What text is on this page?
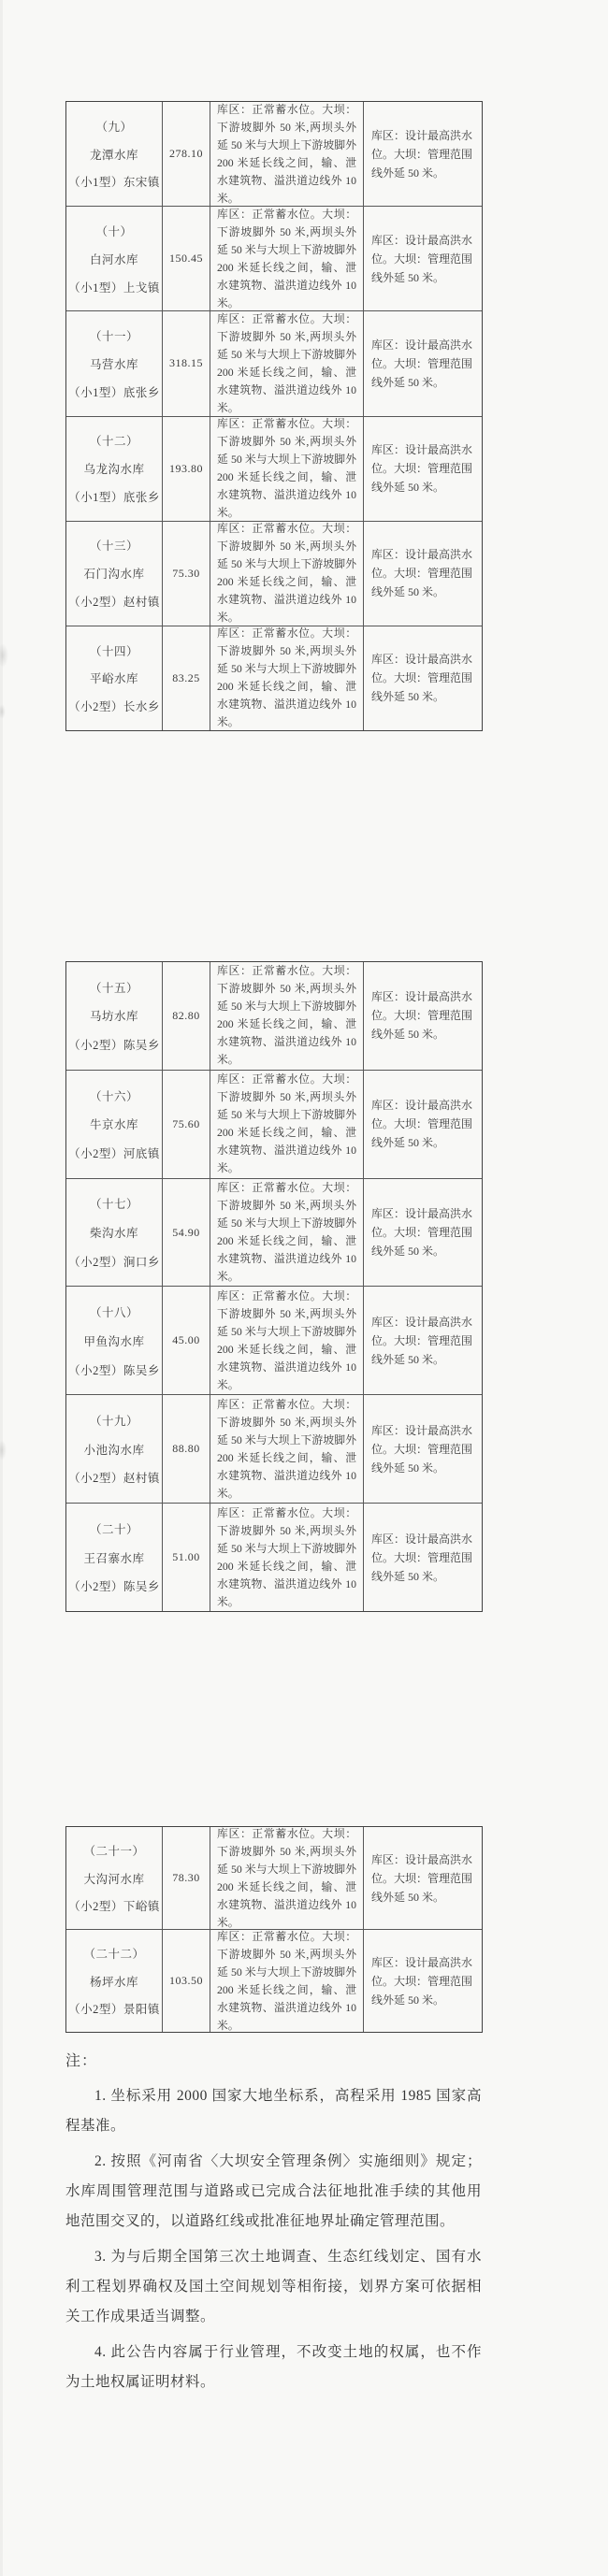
（九）
龙潭水库
（小1型）东宋镇
278.10
库区：正常蓄水位。大坝：下游坡脚外 50 米,两坝头外延 50 米与大坝上下游坡脚外 200 米延长线之间，输、泄水建筑物、溢洪道边线外 10 米。
库区：设计最高洪水位。大坝：管理范围线外延 50 米。
（十）
白河水库
（小1型）上戈镇
150.45
库区：正常蓄水位。大坝：下游坡脚外 50 米,两坝头外延 50 米与大坝上下游坡脚外 200 米延长线之间，输、泄水建筑物、溢洪道边线外 10 米。
库区：设计最高洪水位。大坝：管理范围线外延 50 米。
（十一）
马营水库
（小1型）底张乡
318.15
库区：正常蓄水位。大坝：下游坡脚外 50 米,两坝头外延 50 米与大坝上下游坡脚外 200 米延长线之间，输、泄水建筑物、溢洪道边线外 10 米。
库区：设计最高洪水位。大坝：管理范围线外延 50 米。
（十二）
乌龙沟水库
（小1型）底张乡
193.80
库区：正常蓄水位。大坝：下游坡脚外 50 米,两坝头外延 50 米与大坝上下游坡脚外 200 米延长线之间，输、泄水建筑物、溢洪道边线外 10 米。
库区：设计最高洪水位。大坝：管理范围线外延 50 米。
（十三）
石门沟水库
（小2型）赵村镇
75.30
库区：正常蓄水位。大坝：下游坡脚外 50 米,两坝头外延 50 米与大坝上下游坡脚外 200 米延长线之间，输、泄水建筑物、溢洪道边线外 10 米。
库区：设计最高洪水位。大坝：管理范围线外延 50 米。
（十四）
平峪水库
（小2型）长水乡
83.25
库区：正常蓄水位。大坝：下游坡脚外 50 米,两坝头外延 50 米与大坝上下游坡脚外 200 米延长线之间，输、泄水建筑物、溢洪道边线外 10 米。
库区：设计最高洪水位。大坝：管理范围线外延 50 米。
（十五）
马坊水库
（小2型）陈吴乡
82.80
库区：正常蓄水位。大坝：下游坡脚外 50 米,两坝头外延 50 米与大坝上下游坡脚外 200 米延长线之间，输、泄水建筑物、溢洪道边线外 10 米。
库区：设计最高洪水位。大坝：管理范围线外延 50 米。
（十六）
牛京水库
（小2型）河底镇
75.60
库区：正常蓄水位。大坝：下游坡脚外 50 米,两坝头外延 50 米与大坝上下游坡脚外 200 米延长线之间，输、泄水建筑物、溢洪道边线外 10 米。
库区：设计最高洪水位。大坝：管理范围线外延 50 米。
（十七）
柴沟水库
（小2型）涧口乡
54.90
库区：正常蓄水位。大坝：下游坡脚外 50 米,两坝头外延 50 米与大坝上下游坡脚外 200 米延长线之间，输、泄水建筑物、溢洪道边线外 10 米。
库区：设计最高洪水位。大坝：管理范围线外延 50 米。
（十八）
甲鱼沟水库
（小2型）陈吴乡
45.00
库区：正常蓄水位。大坝：下游坡脚外 50 米,两坝头外延 50 米与大坝上下游坡脚外 200 米延长线之间，输、泄水建筑物、溢洪道边线外 10 米。
库区：设计最高洪水位。大坝：管理范围线外延 50 米。
（十九）
小池沟水库
（小2型）赵村镇
88.80
库区：正常蓄水位。大坝：下游坡脚外 50 米,两坝头外延 50 米与大坝上下游坡脚外 200 米延长线之间，输、泄水建筑物、溢洪道边线外 10 米。
库区：设计最高洪水位。大坝：管理范围线外延 50 米。
（二十）
王召寨水库
（小2型）陈吴乡
51.00
库区：正常蓄水位。大坝：下游坡脚外 50 米,两坝头外延 50 米与大坝上下游坡脚外 200 米延长线之间，输、泄水建筑物、溢洪道边线外 10 米。
库区：设计最高洪水位。大坝：管理范围线外延 50 米。
（二十一）
大沟河水库
（小2型）下峪镇
78.30
库区：正常蓄水位。大坝：下游坡脚外 50 米,两坝头外延 50 米与大坝上下游坡脚外 200 米延长线之间，输、泄水建筑物、溢洪道边线外 10 米。
库区：设计最高洪水位。大坝：管理范围线外延 50 米。
（二十二）
杨坪水库
（小2型）景阳镇
103.50
库区：正常蓄水位。大坝：下游坡脚外 50 米,两坝头外延 50 米与大坝上下游坡脚外 200 米延长线之间，输、泄水建筑物、溢洪道边线外 10 米。
库区：设计最高洪水位。大坝：管理范围线外延 50 米。
注：

1. 坐标采用 2000 国家大地坐标系，高程采用 1985 国家高程基准。

2. 按照《河南省〈大坝安全管理条例〉实施细则》规定；水库周围管理范围与道路或已完成合法征地批准手续的其他用地范围交叉的，以道路红线或批准征地界址确定管理范围。

3. 为与后期全国第三次土地调查、生态红线划定、国有水利工程划界确权及国土空间规划等相衔接，划界方案可依据相关工作成果适当调整。

4. 此公告内容属于行业管理，不改变土地的权属，也不作为土地权属证明材料。
